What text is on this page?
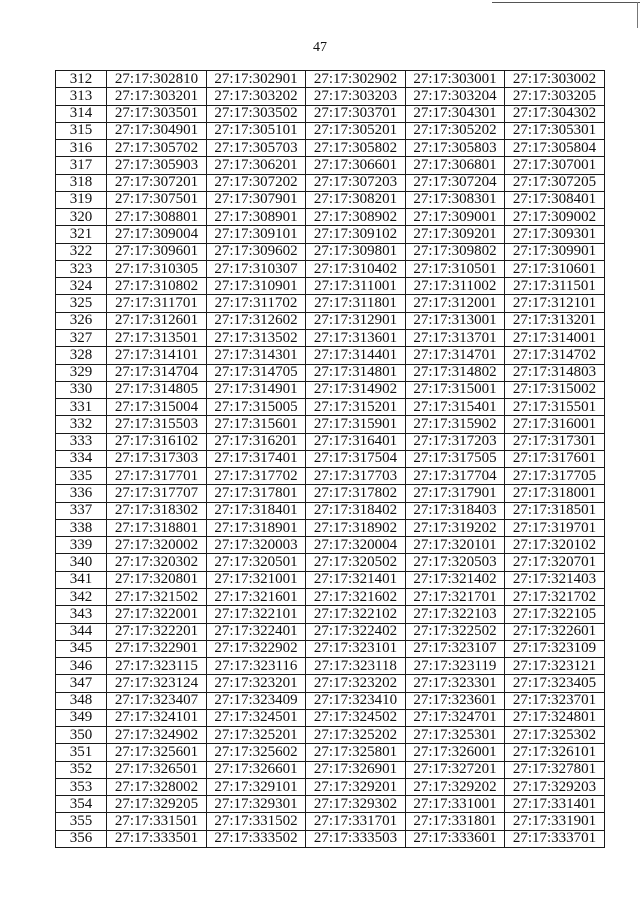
47
312	27:17:302810	27:17:302901	27:17:302902	27:17:303001	27:17:303002
313	27:17:303201	27:17:303202	27:17:303203	27:17:303204	27:17:303205
314	27:17:303501	27:17:303502	27:17:303701	27:17:304301	27:17:304302
315	27:17:304901	27:17:305101	27:17:305201	27:17:305202	27:17:305301
316	27:17:305702	27:17:305703	27:17:305802	27:17:305803	27:17:305804
317	27:17:305903	27:17:306201	27:17:306601	27:17:306801	27:17:307001
318	27:17:307201	27:17:307202	27:17:307203	27:17:307204	27:17:307205
319	27:17:307501	27:17:307901	27:17:308201	27:17:308301	27:17:308401
320	27:17:308801	27:17:308901	27:17:308902	27:17:309001	27:17:309002
321	27:17:309004	27:17:309101	27:17:309102	27:17:309201	27:17:309301
322	27:17:309601	27:17:309602	27:17:309801	27:17:309802	27:17:309901
323	27:17:310305	27:17:310307	27:17:310402	27:17:310501	27:17:310601
324	27:17:310802	27:17:310901	27:17:311001	27:17:311002	27:17:311501
325	27:17:311701	27:17:311702	27:17:311801	27:17:312001	27:17:312101
326	27:17:312601	27:17:312602	27:17:312901	27:17:313001	27:17:313201
327	27:17:313501	27:17:313502	27:17:313601	27:17:313701	27:17:314001
328	27:17:314101	27:17:314301	27:17:314401	27:17:314701	27:17:314702
329	27:17:314704	27:17:314705	27:17:314801	27:17:314802	27:17:314803
330	27:17:314805	27:17:314901	27:17:314902	27:17:315001	27:17:315002
331	27:17:315004	27:17:315005	27:17:315201	27:17:315401	27:17:315501
332	27:17:315503	27:17:315601	27:17:315901	27:17:315902	27:17:316001
333	27:17:316102	27:17:316201	27:17:316401	27:17:317203	27:17:317301
334	27:17:317303	27:17:317401	27:17:317504	27:17:317505	27:17:317601
335	27:17:317701	27:17:317702	27:17:317703	27:17:317704	27:17:317705
336	27:17:317707	27:17:317801	27:17:317802	27:17:317901	27:17:318001
337	27:17:318302	27:17:318401	27:17:318402	27:17:318403	27:17:318501
338	27:17:318801	27:17:318901	27:17:318902	27:17:319202	27:17:319701
339	27:17:320002	27:17:320003	27:17:320004	27:17:320101	27:17:320102
340	27:17:320302	27:17:320501	27:17:320502	27:17:320503	27:17:320701
341	27:17:320801	27:17:321001	27:17:321401	27:17:321402	27:17:321403
342	27:17:321502	27:17:321601	27:17:321602	27:17:321701	27:17:321702
343	27:17:322001	27:17:322101	27:17:322102	27:17:322103	27:17:322105
344	27:17:322201	27:17:322401	27:17:322402	27:17:322502	27:17:322601
345	27:17:322901	27:17:322902	27:17:323101	27:17:323107	27:17:323109
346	27:17:323115	27:17:323116	27:17:323118	27:17:323119	27:17:323121
347	27:17:323124	27:17:323201	27:17:323202	27:17:323301	27:17:323405
348	27:17:323407	27:17:323409	27:17:323410	27:17:323601	27:17:323701
349	27:17:324101	27:17:324501	27:17:324502	27:17:324701	27:17:324801
350	27:17:324902	27:17:325201	27:17:325202	27:17:325301	27:17:325302
351	27:17:325601	27:17:325602	27:17:325801	27:17:326001	27:17:326101
352	27:17:326501	27:17:326601	27:17:326901	27:17:327201	27:17:327801
353	27:17:328002	27:17:329101	27:17:329201	27:17:329202	27:17:329203
354	27:17:329205	27:17:329301	27:17:329302	27:17:331001	27:17:331401
355	27:17:331501	27:17:331502	27:17:331701	27:17:331801	27:17:331901
356	27:17:333501	27:17:333502	27:17:333503	27:17:333601	27:17:333701
